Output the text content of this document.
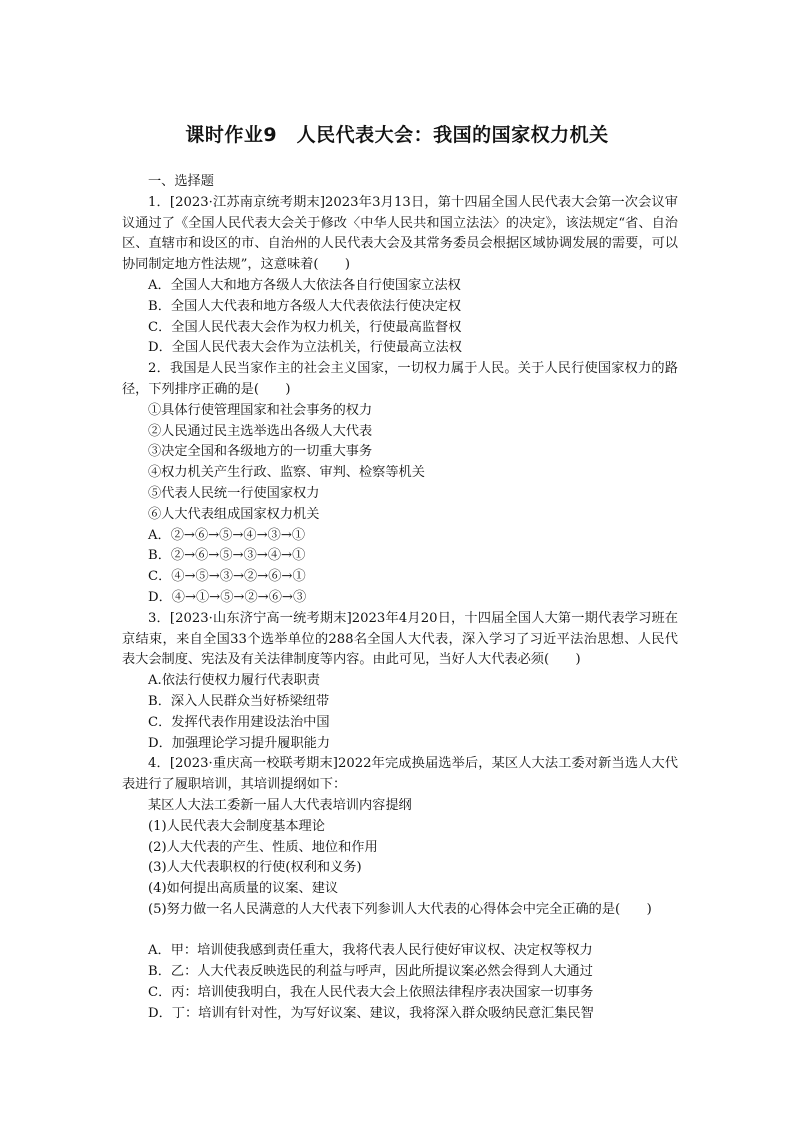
课时作业9　人民代表大会：我国的国家权力机关
一、选择题
1．[2023·江苏南京统考期末]2023年3月13日，第十四届全国人民代表大会第一次会议审议通过了《全国人民代表大会关于修改〈中华人民共和国立法法〉的决定》，该法规定“省、自治区、直辖市和设区的市、自治州的人民代表大会及其常务委员会根据区域协调发展的需要，可以协同制定地方性法规”，这意味着(　　)
A．全国人大和地方各级人大依法各自行使国家立法权
B．全国人大代表和地方各级人大代表依法行使决定权
C．全国人民代表大会作为权力机关，行使最高监督权
D．全国人民代表大会作为立法机关，行使最高立法权
2．我国是人民当家作主的社会主义国家，一切权力属于人民。关于人民行使国家权力的路径，下列排序正确的是(　　)
①具体行使管理国家和社会事务的权力
②人民通过民主选举选出各级人大代表
③决定全国和各级地方的一切重大事务
④权力机关产生行政、监察、审判、检察等机关
⑤代表人民统一行使国家权力
⑥人大代表组成国家权力机关
A．②→⑥→⑤→④→③→①
B．②→⑥→⑤→③→④→①
C．④→⑤→③→②→⑥→①
D．④→①→⑤→②→⑥→③
3．[2023·山东济宁高一统考期末]2023年4月20日，十四届全国人大第一期代表学习班在京结束，来自全国33个选举单位的288名全国人大代表，深入学习了习近平法治思想、人民代表大会制度、宪法及有关法律制度等内容。由此可见，当好人大代表必须(　　)
A.依法行使权力履行代表职责
B．深入人民群众当好桥梁纽带
C．发挥代表作用建设法治中国
D．加强理论学习提升履职能力
4．[2023·重庆高一校联考期末]2022年完成换届选举后，某区人大法工委对新当选人大代表进行了履职培训，其培训提纲如下：
某区人大法工委新一届人大代表培训内容提纲
(1)人民代表大会制度基本理论
(2)人大代表的产生、性质、地位和作用
(3)人大代表职权的行使(权利和义务)
(4)如何提出高质量的议案、建议
(5)努力做一名人民满意的人大代表下列参训人大代表的心得体会中完全正确的是(　　)
A．甲：培训使我感到责任重大，我将代表人民行使好审议权、决定权等权力
B．乙：人大代表反映选民的利益与呼声，因此所提议案必然会得到人大通过
C．丙：培训使我明白，我在人民代表大会上依照法律程序表决国家一切事务
D．丁：培训有针对性，为写好议案、建议，我将深入群众吸纳民意汇集民智
